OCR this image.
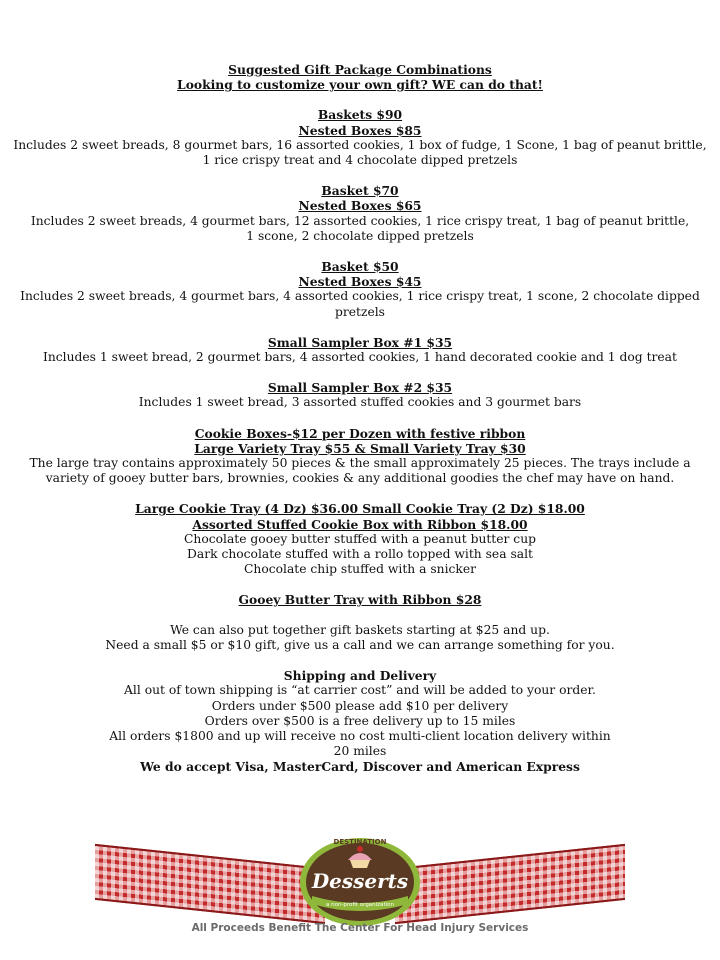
Suggested Gift Package Combinations
Looking to customize your own gift? WE can do that!
Baskets $90
Nested Boxes $85
Includes 2 sweet breads, 8 gourmet bars, 16 assorted cookies, 1 box of fudge, 1 Scone, 1 bag of peanut brittle, 1 rice crispy treat and 4 chocolate dipped pretzels
Basket $70
Nested Boxes $65
Includes 2 sweet breads, 4 gourmet bars, 12 assorted cookies, 1 rice crispy treat, 1 bag of peanut brittle, 1 scone, 2 chocolate dipped pretzels
Basket $50
Nested Boxes $45
Includes 2 sweet breads, 4 gourmet bars, 4 assorted cookies, 1 rice crispy treat, 1 scone, 2 chocolate dipped pretzels
Small Sampler Box #1 $35
Includes 1 sweet bread, 2 gourmet bars, 4 assorted cookies, 1 hand decorated cookie and 1 dog treat
Small Sampler Box #2 $35
Includes 1 sweet bread, 3 assorted stuffed cookies and 3 gourmet bars
Cookie Boxes-$12 per Dozen with festive ribbon
Large Variety Tray $55 & Small Variety Tray $30
The large tray contains approximately 50 pieces & the small approximately 25 pieces. The trays include a variety of gooey butter bars, brownies, cookies & any additional goodies the chef may have on hand.
Large Cookie Tray (4 Dz) $36.00 Small Cookie Tray (2 Dz) $18.00
Assorted Stuffed Cookie Box with Ribbon $18.00
Chocolate gooey butter stuffed with a peanut butter cup
Dark chocolate stuffed with a rollo topped with sea salt
Chocolate chip stuffed with a snicker
Gooey Butter Tray with Ribbon $28
We can also put together gift baskets starting at $25 and up.
Need a small $5 or $10 gift, give us a call and we can arrange something for you.
Shipping and Delivery
All out of town shipping is “at carrier cost” and will be added to your order.
Orders under $500 please add $10 per delivery
Orders over $500 is a free delivery up to 15 miles
All orders $1800 and up will receive no cost multi-client location delivery within 20 miles
We do accept Visa, MasterCard, Discover and American Express
DESTINATION
Desserts
a non-profit organization
All Proceeds Benefit The Center For Head Injury Services
